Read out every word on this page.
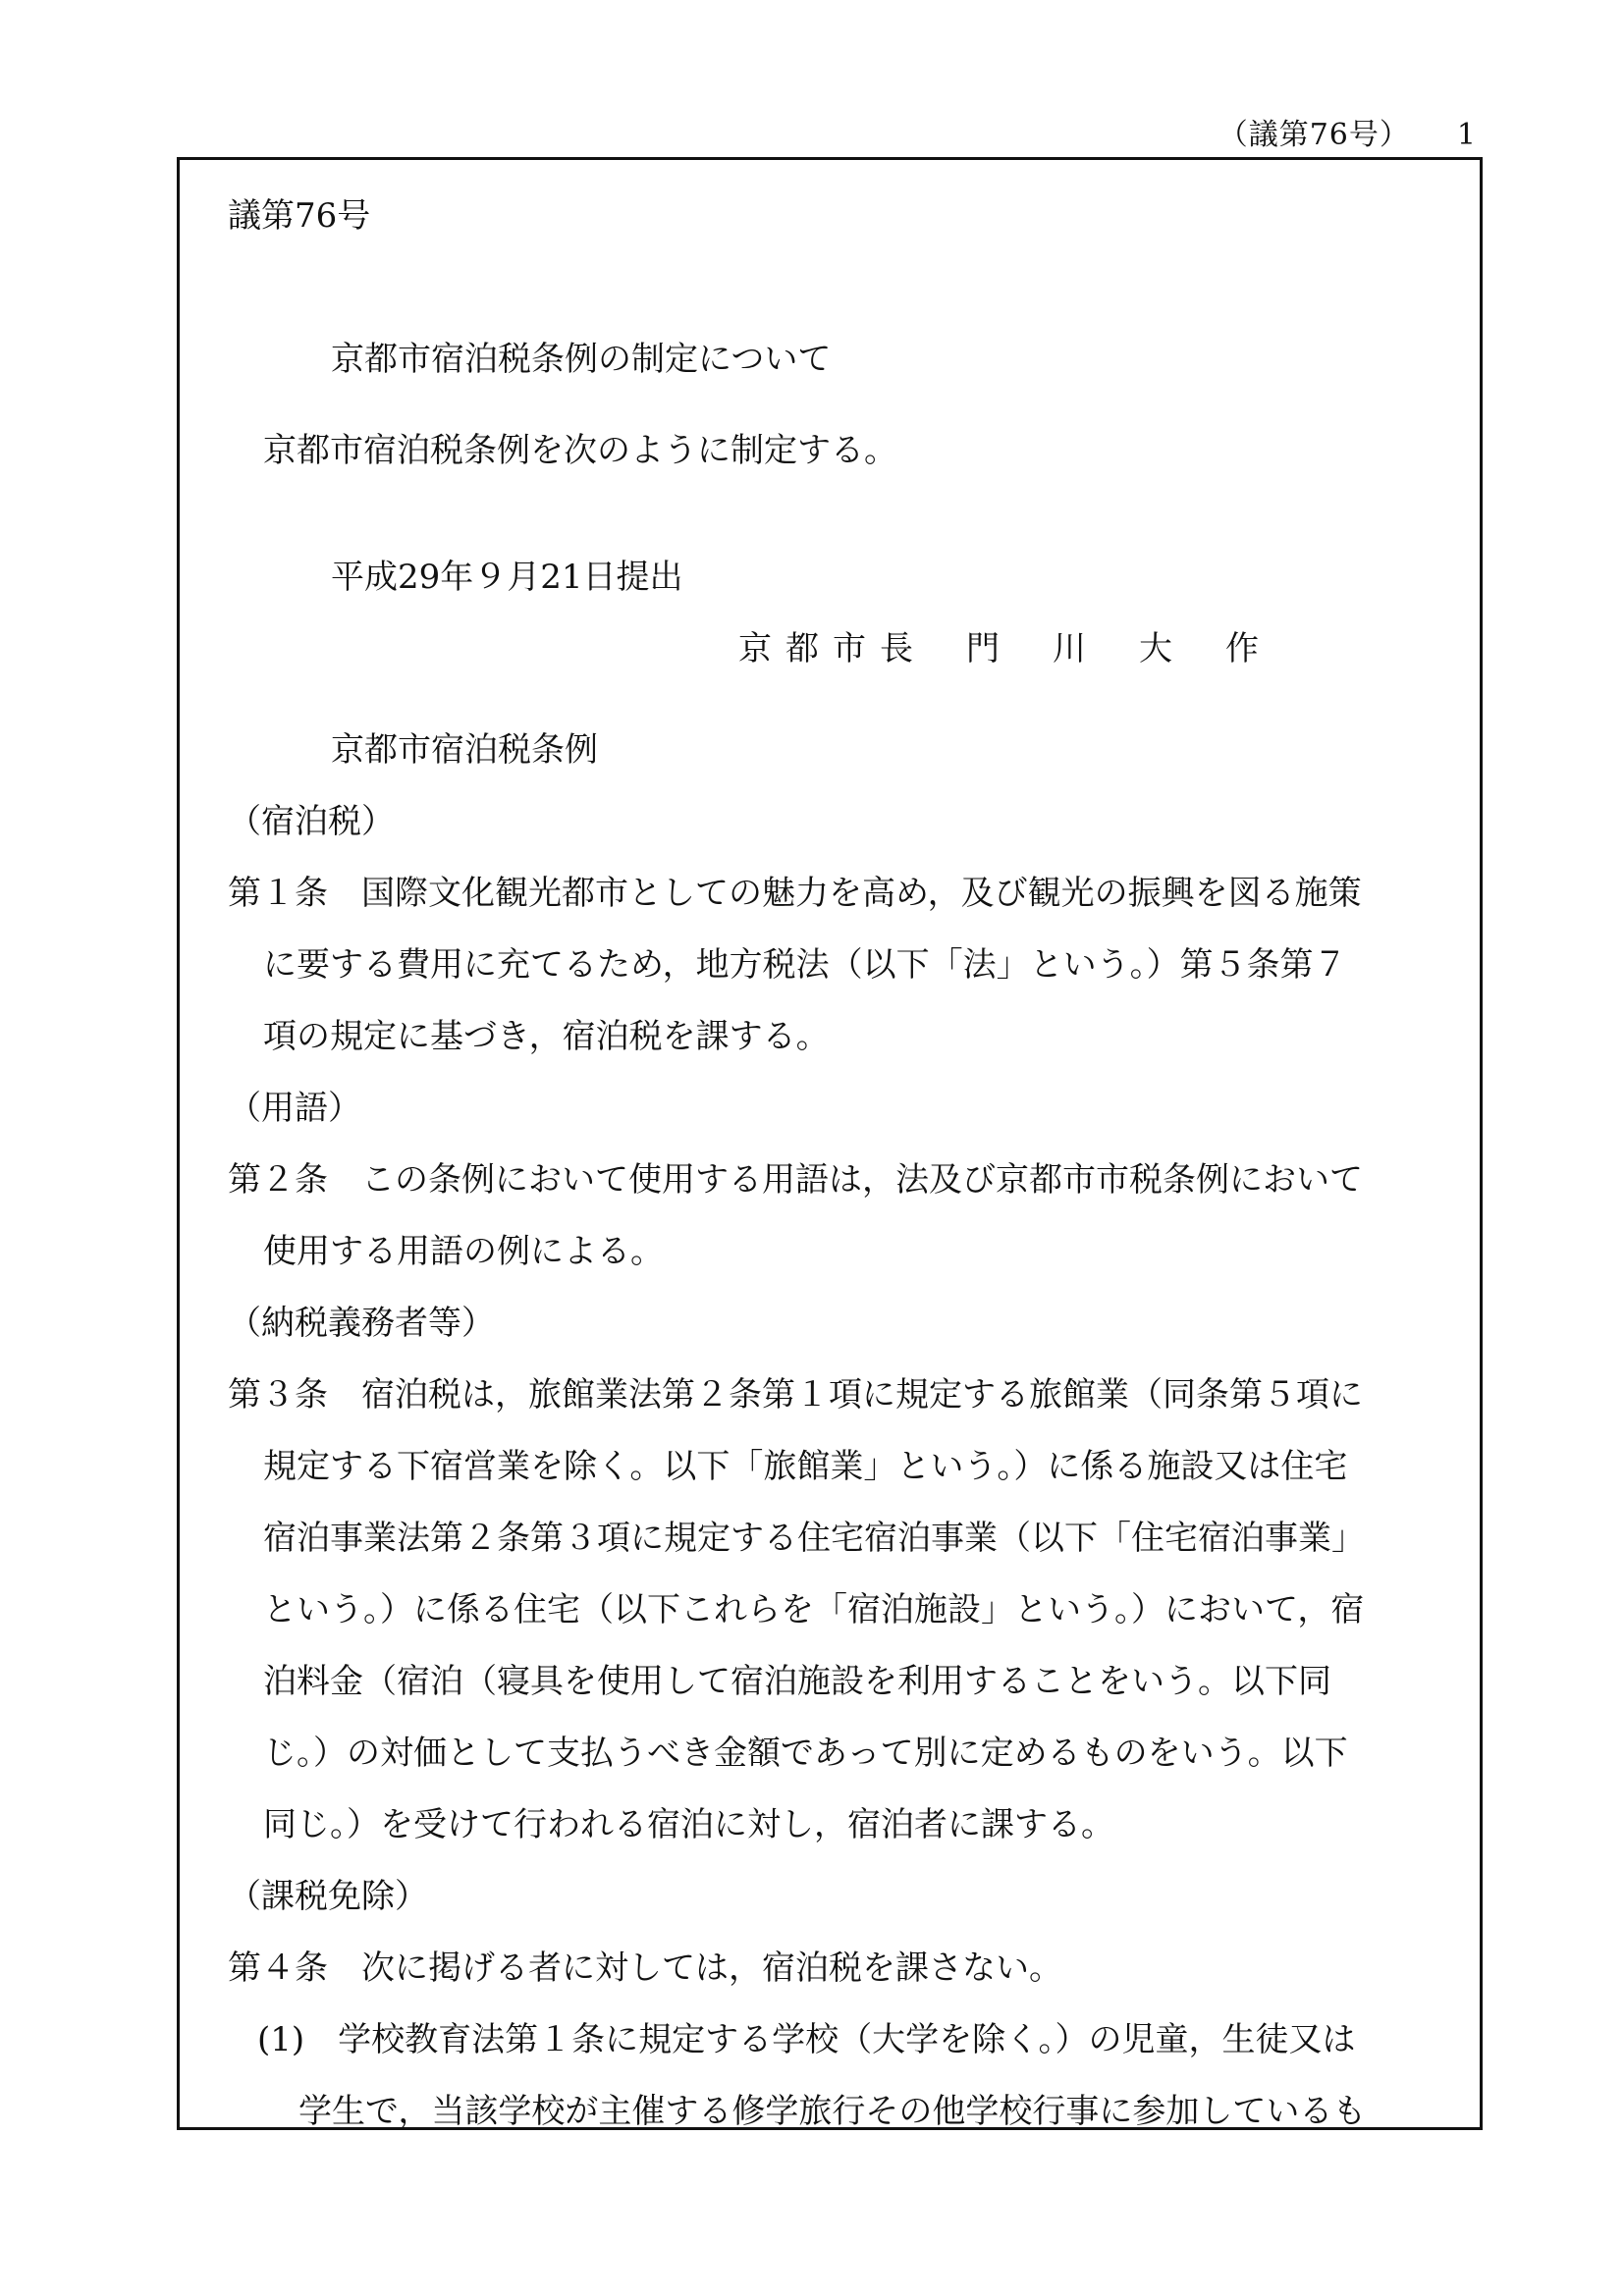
（議第76号） 1
議第76号
京都市宿泊税条例の制定について
京都市宿泊税条例を次のように制定する。
平成29年９月21日提出
京都市長 門川大作
京都市宿泊税条例
（宿泊税）
第１条　国際文化観光都市としての魅力を高め，及び観光の振興を図る施策
に要する費用に充てるため，地方税法（以下「法」という。）第５条第７
項の規定に基づき，宿泊税を課する。
（用語）
第２条　この条例において使用する用語は，法及び京都市市税条例において
使用する用語の例による。
（納税義務者等）
第３条　宿泊税は，旅館業法第２条第１項に規定する旅館業（同条第５項に
規定する下宿営業を除く。以下「旅館業」という。）に係る施設又は住宅
宿泊事業法第２条第３項に規定する住宅宿泊事業（以下「住宅宿泊事業」
という。）に係る住宅（以下これらを「宿泊施設」という。）において，宿
泊料金（宿泊（寝具を使用して宿泊施設を利用することをいう。以下同
じ。）の対価として支払うべき金額であって別に定めるものをいう。以下
同じ。）を受けて行われる宿泊に対し，宿泊者に課する。
（課税免除）
第４条　次に掲げる者に対しては，宿泊税を課さない。
(1)　学校教育法第１条に規定する学校（大学を除く。）の児童，生徒又は
学生で，当該学校が主催する修学旅行その他学校行事に参加しているも
